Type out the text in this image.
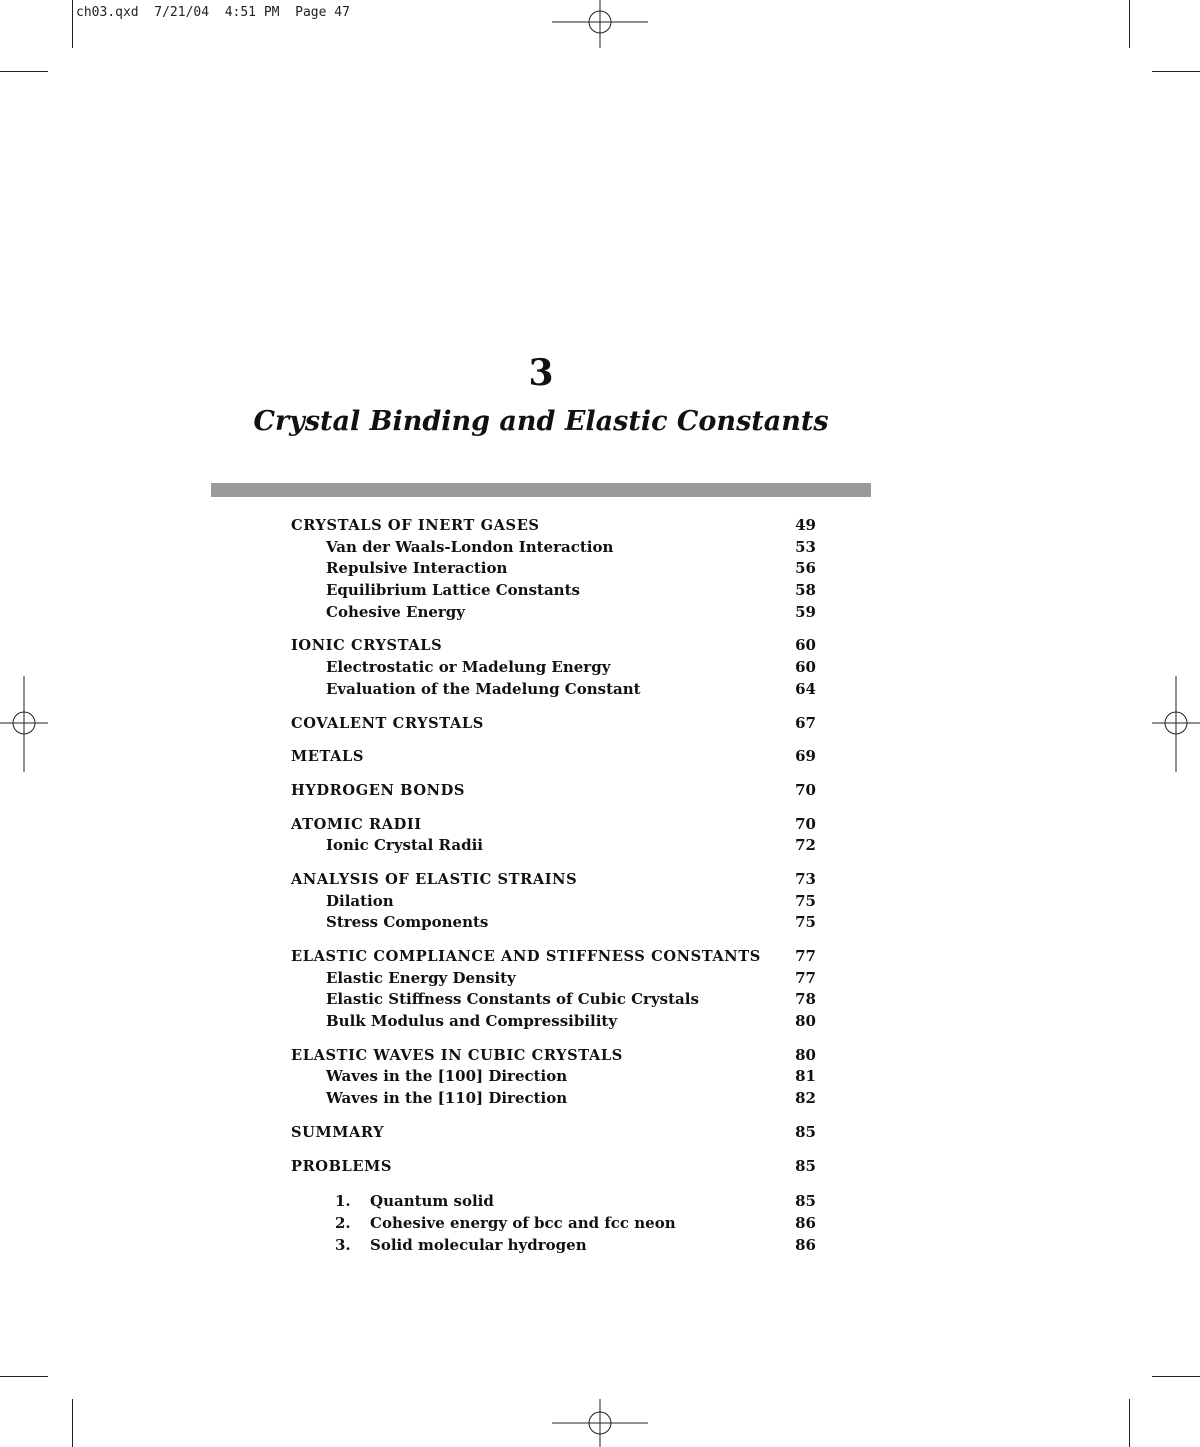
ch03.qxd  7/21/04  4:51 PM  Page 47
3
Crystal Binding and Elastic Constants
CRYSTALS OF INERT GASES	49
Van der Waals-London Interaction	53
Repulsive Interaction	56
Equilibrium Lattice Constants	58
Cohesive Energy	59
IONIC CRYSTALS	60
Electrostatic or Madelung Energy	60
Evaluation of the Madelung Constant	64
COVALENT CRYSTALS	67
METALS	69
HYDROGEN BONDS	70
ATOMIC RADII	70
Ionic Crystal Radii	72
ANALYSIS OF ELASTIC STRAINS	73
Dilation	75
Stress Components	75
ELASTIC COMPLIANCE AND STIFFNESS CONSTANTS 77
Elastic Energy Density	77
Elastic Stiffness Constants of Cubic Crystals	78
Bulk Modulus and Compressibility	80
ELASTIC WAVES IN CUBIC CRYSTALS	80
Waves in the [100] Direction	81
Waves in the [110] Direction	82
SUMMARY	85
PROBLEMS	85
1. Quantum solid	85
2. Cohesive energy of bcc and fcc neon	86
3. Solid molecular hydrogen	86
